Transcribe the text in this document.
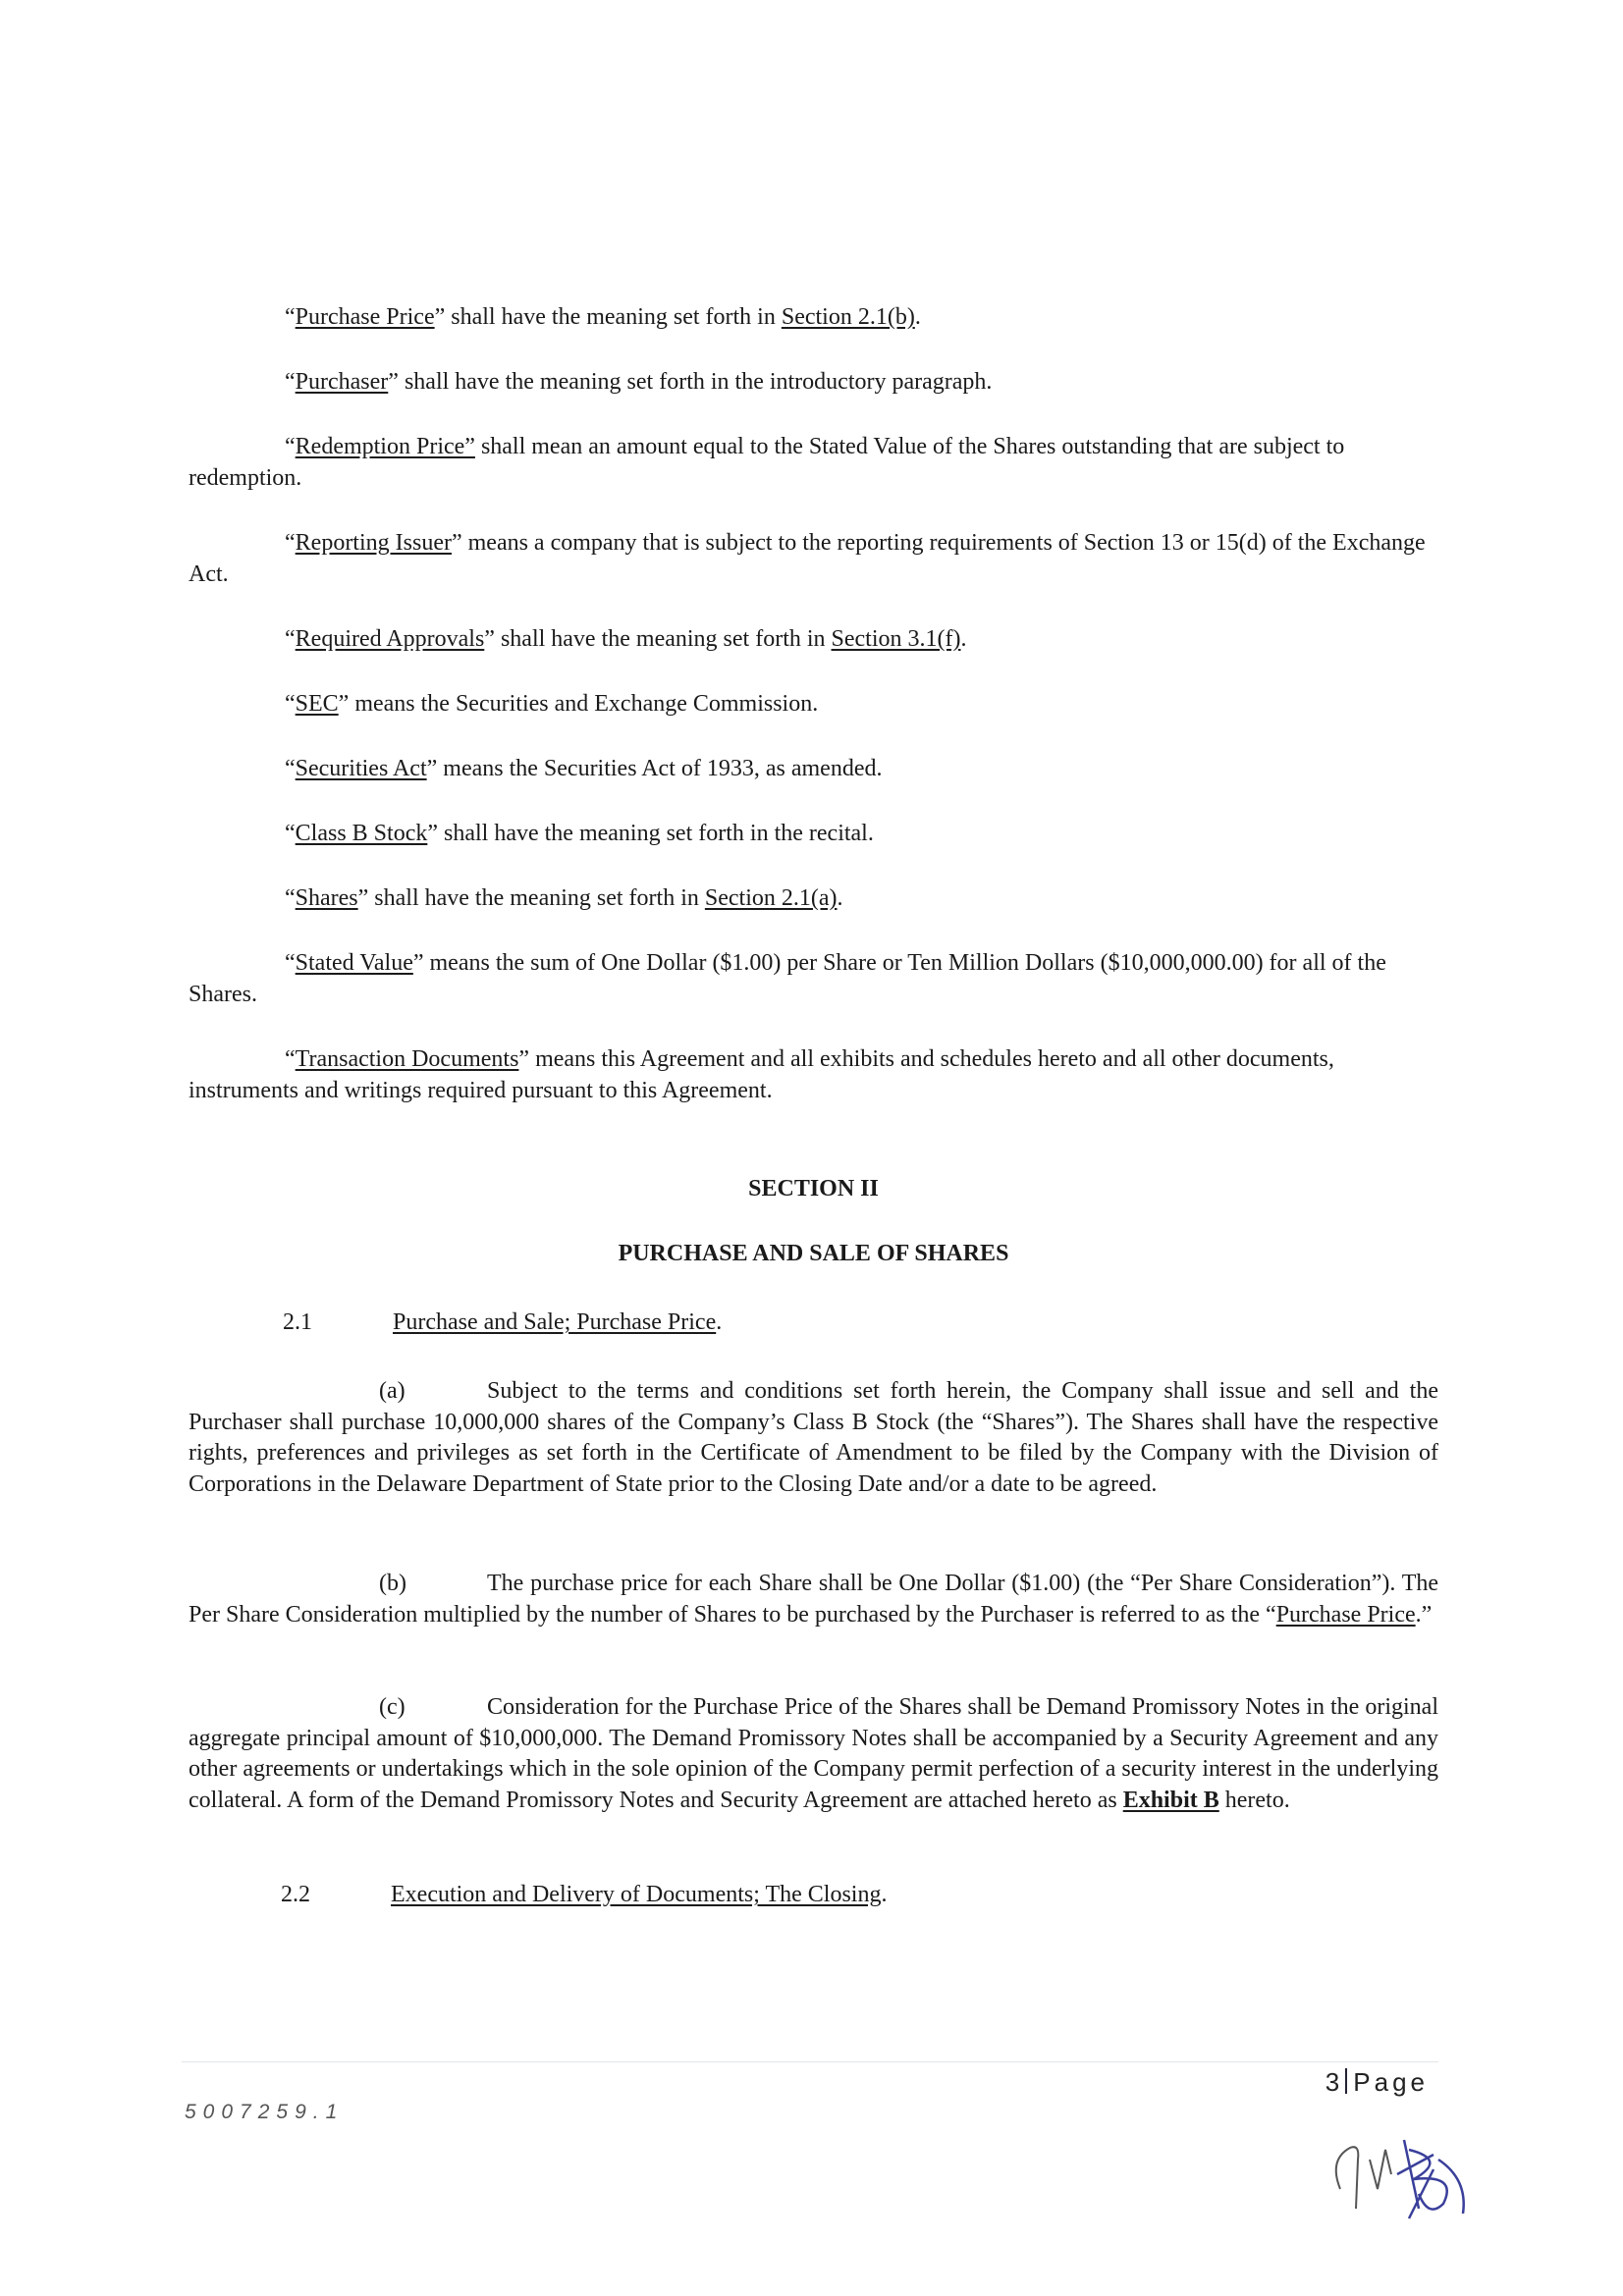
“Purchase Price” shall have the meaning set forth in Section 2.1(b).
“Purchaser” shall have the meaning set forth in the introductory paragraph.
“Redemption Price” shall mean an amount equal to the Stated Value of the Shares outstanding that are subject to redemption.
“Reporting Issuer” means a company that is subject to the reporting requirements of Section 13 or 15(d) of the Exchange Act.
“Required Approvals” shall have the meaning set forth in Section 3.1(f).
“SEC” means the Securities and Exchange Commission.
“Securities Act” means the Securities Act of 1933, as amended.
“Class B Stock” shall have the meaning set forth in the recital.
“Shares” shall have the meaning set forth in Section 2.1(a).
“Stated Value” means the sum of One Dollar ($1.00) per Share or Ten Million Dollars ($10,000,000.00) for all of the Shares.
“Transaction Documents” means this Agreement and all exhibits and schedules hereto and all other documents, instruments and writings required pursuant to this Agreement.
SECTION II
PURCHASE AND SALE OF SHARES
2.1	Purchase and Sale; Purchase Price.
(a)	Subject to the terms and conditions set forth herein, the Company shall issue and sell and the Purchaser shall purchase 10,000,000 shares of the Company’s Class B Stock (the “Shares”). The Shares shall have the respective rights, preferences and privileges as set forth in the Certificate of Amendment to be filed by the Company with the Division of Corporations in the Delaware Department of State prior to the Closing Date and/or a date to be agreed.
(b)	The purchase price for each Share shall be One Dollar ($1.00) (the “Per Share Consideration”). The Per Share Consideration multiplied by the number of Shares to be purchased by the Purchaser is referred to as the “Purchase Price.”
(c)	Consideration for the Purchase Price of the Shares shall be Demand Promissory Notes in the original aggregate principal amount of $10,000,000. The Demand Promissory Notes shall be accompanied by a Security Agreement and any other agreements or undertakings which in the sole opinion of the Company permit perfection of a security interest in the underlying collateral. A form of the Demand Promissory Notes and Security Agreement are attached hereto as Exhibit B hereto.
2.2	Execution and Delivery of Documents; The Closing.
3 Page
5007259.1
